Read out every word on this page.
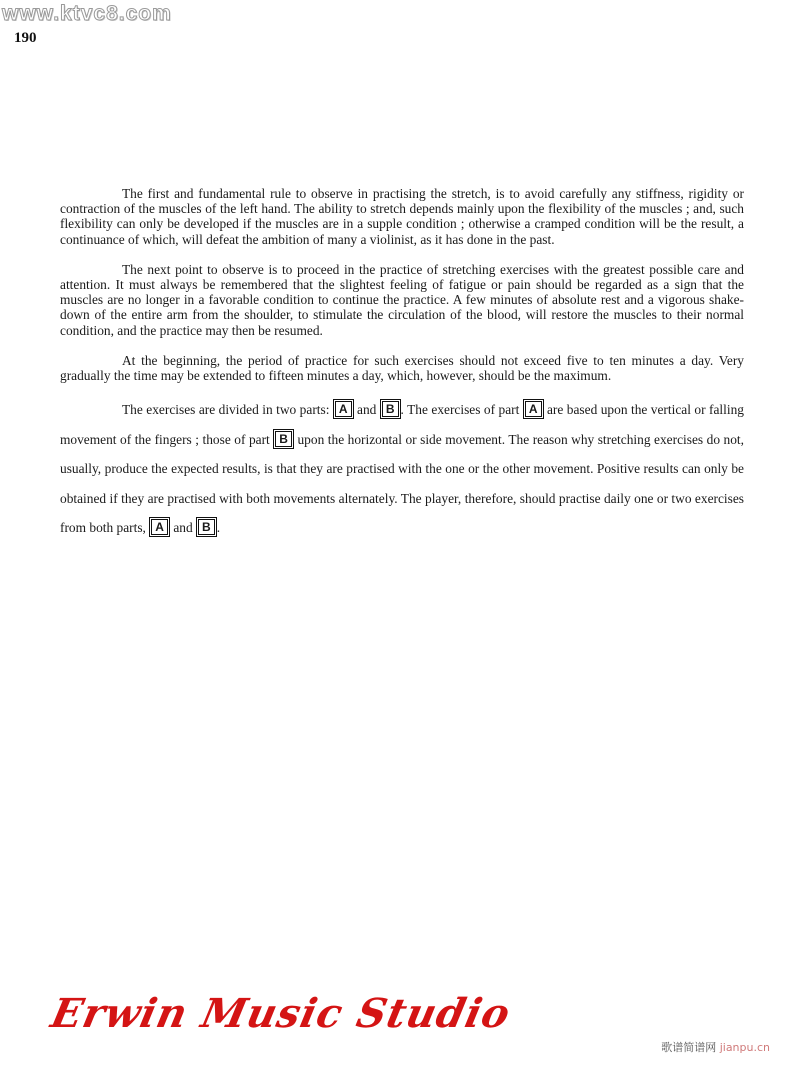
www.ktvc8.com
190

The first and fundamental rule to observe in practising the stretch, is to avoid carefully any stiffness, rigidity or contraction of the muscles of the left hand. The ability to stretch depends mainly upon the flexibility of the muscles ; and, such flexibility can only be developed if the muscles are in a supple condition ; otherwise a cramped condition will be the result, a continuance of which, will defeat the ambition of many a violinist, as it has done in the past.

The next point to observe is to proceed in the practice of stretching exercises with the greatest possible care and attention. It must always be remembered that the slightest feeling of fatigue or pain should be regarded as a sign that the muscles are no longer in a favorable condition to continue the practice. A few minutes of absolute rest and a vigorous shake-down of the entire arm from the shoulder, to stimulate the circulation of the blood, will restore the muscles to their normal condition, and the practice may then be resumed.

At the beginning, the period of practice for such exercises should not exceed five to ten minutes a day. Very gradually the time may be extended to fifteen minutes a day, which, however, should be the maximum.

The exercises are divided in two parts: A and B . The exercises of part A are based upon the vertical or falling movement of the fingers ; those of part B upon the horizontal or side movement. The reason why stretching exercises do not, usually, produce the expected results, is that they are practised with the one or the other movement. Positive results can only be obtained if they are practised with both movements alternately. The player, therefore, should practise daily one or two exercises from both parts, A and B .

Erwin Music Studio
歌谱简谱网 jianpu.cn
